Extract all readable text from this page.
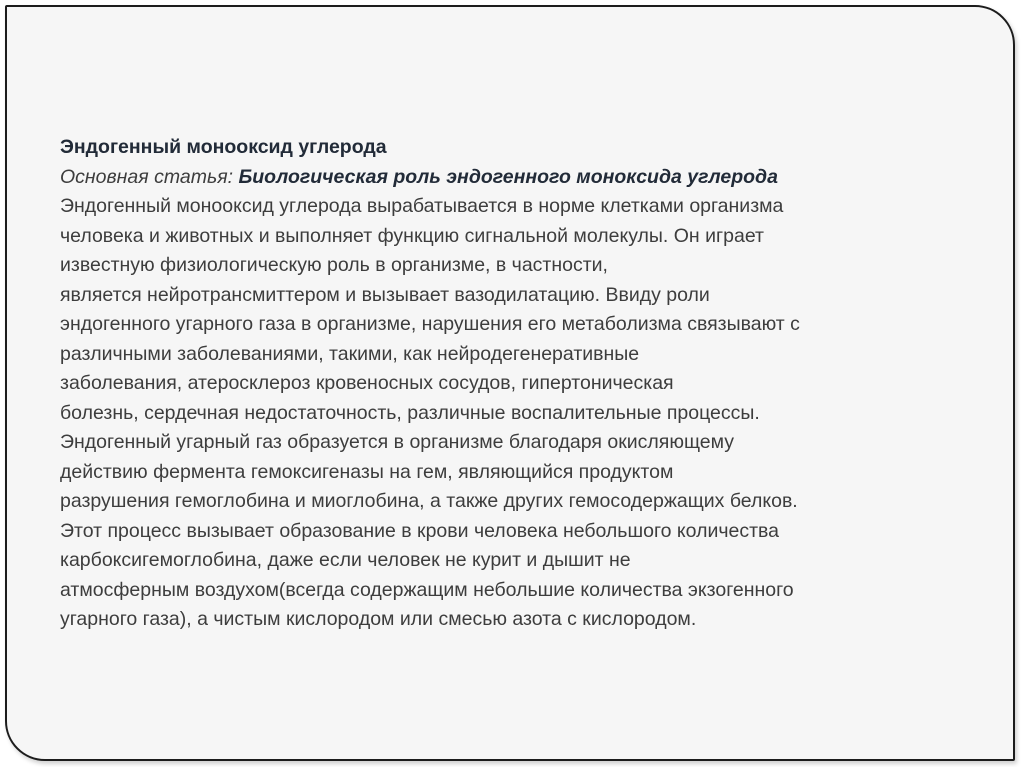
Эндогенный монооксид углерода
Основная статья: Биологическая роль эндогенного моноксида углерода
Эндогенный монооксид углерода вырабатывается в норме клетками организма
человека и животных и выполняет функцию сигнальной молекулы. Он играет
известную физиологическую роль в организме, в частности,
является нейротрансмиттером и вызывает вазодилатацию. Ввиду роли
эндогенного угарного газа в организме, нарушения его метаболизма связывают с
различными заболеваниями, такими, как нейродегенеративные
заболевания, атеросклероз кровеносных сосудов, гипертоническая
болезнь, сердечная недостаточность, различные воспалительные процессы.
Эндогенный угарный газ образуется в организме благодаря окисляющему
действию фермента гемоксигеназы на гем, являющийся продуктом
разрушения гемоглобина и миоглобина, а также других гемосодержащих белков.
Этот процесс вызывает образование в крови человека небольшого количества
карбоксигемоглобина, даже если человек не курит и дышит не
атмосферным воздухом(всегда содержащим небольшие количества экзогенного
угарного газа), а чистым кислородом или смесью азота с кислородом.
